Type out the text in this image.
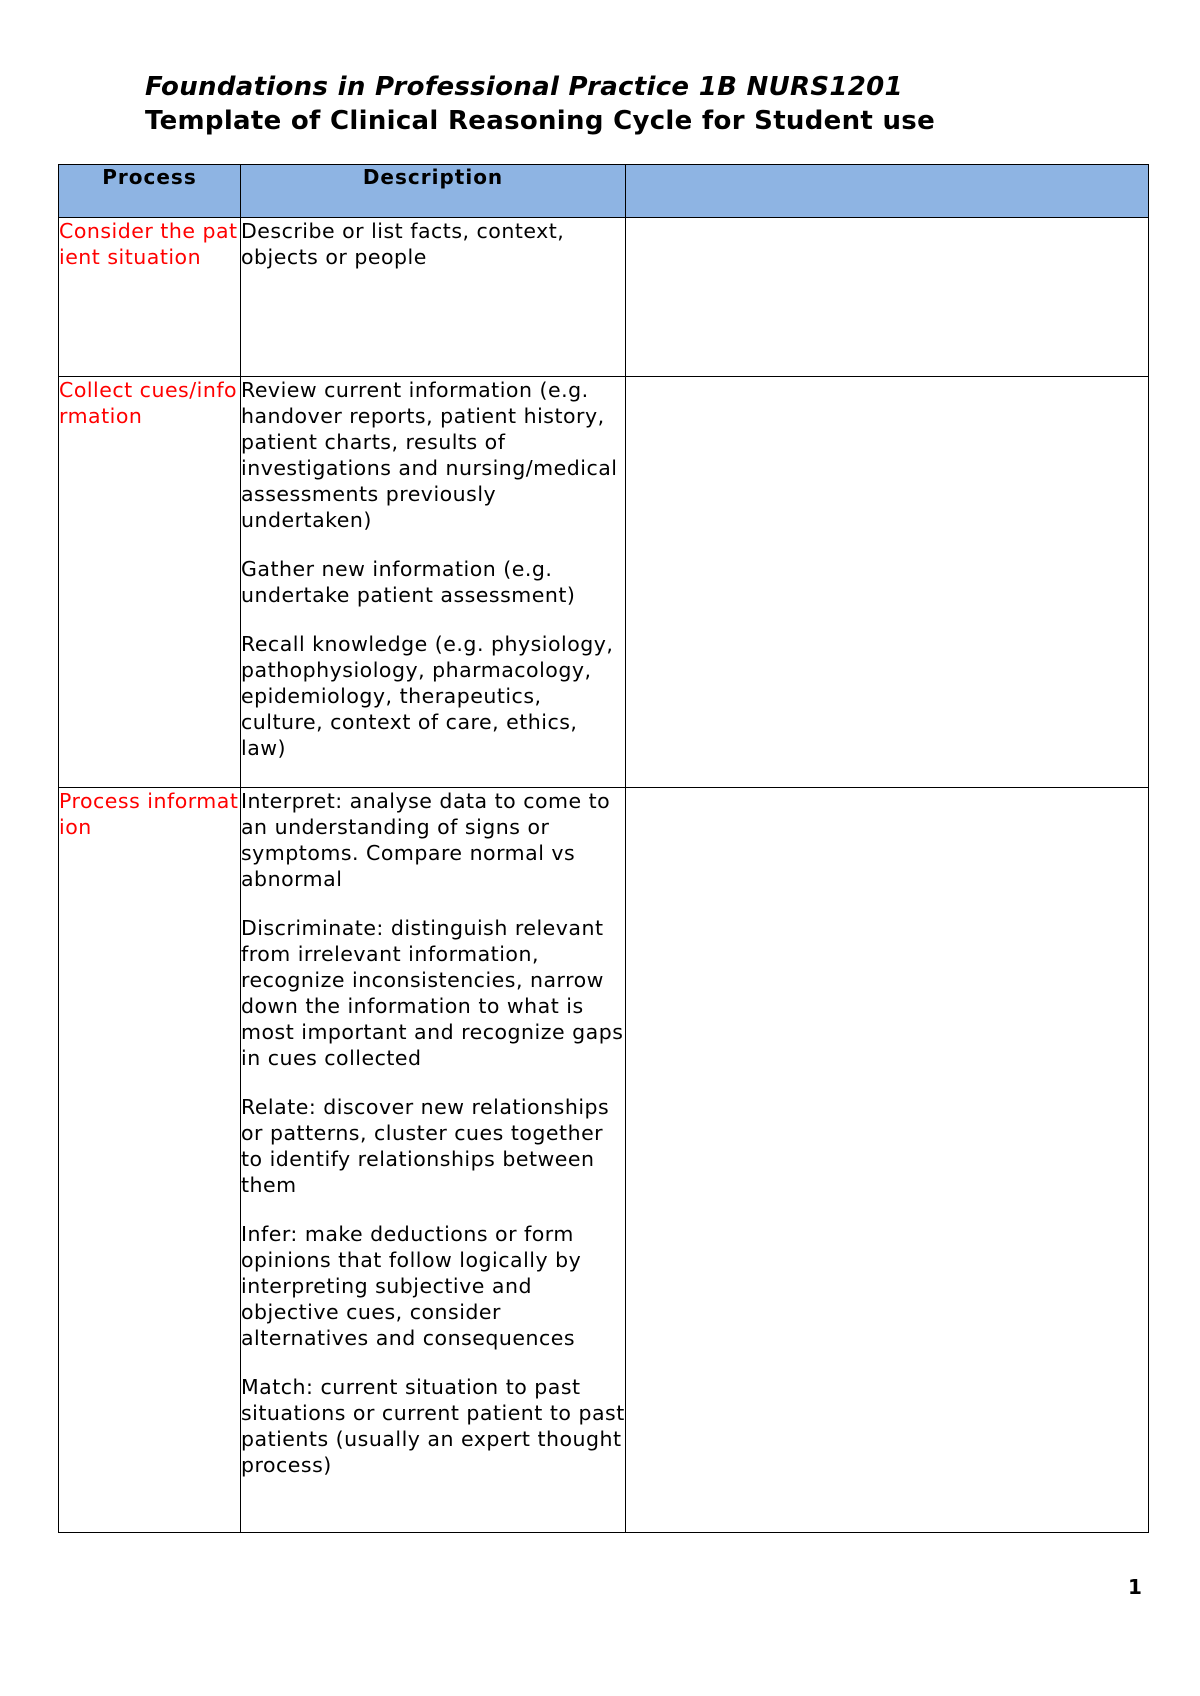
Foundations in Professional Practice 1B NURS1201
Template of Clinical Reasoning Cycle for Student use
Process	Description	
Consider the patient situation	Describe or list facts, context, objects or people	

Collect cues/information	Review current information (e.g. handover reports, patient history, patient charts, results of investigations and nursing/medical assessments previously undertaken)

Gather new information (e.g. undertake patient assessment)

Recall knowledge (e.g. physiology, pathophysiology, pharmacology, epidemiology, therapeutics, culture, context of care, ethics, law)	

Process information	Interpret: analyse data to come to an understanding of signs or symptoms. Compare normal vs abnormal

Discriminate: distinguish relevant from irrelevant information, recognize inconsistencies, narrow down the information to what is most important and recognize gaps in cues collected

Relate: discover new relationships or patterns, cluster cues together to identify relationships between them

Infer: make deductions or form opinions that follow logically by interpreting subjective and objective cues, consider alternatives and consequences

Match: current situation to past situations or current patient to past patients (usually an expert thought process)	

1
